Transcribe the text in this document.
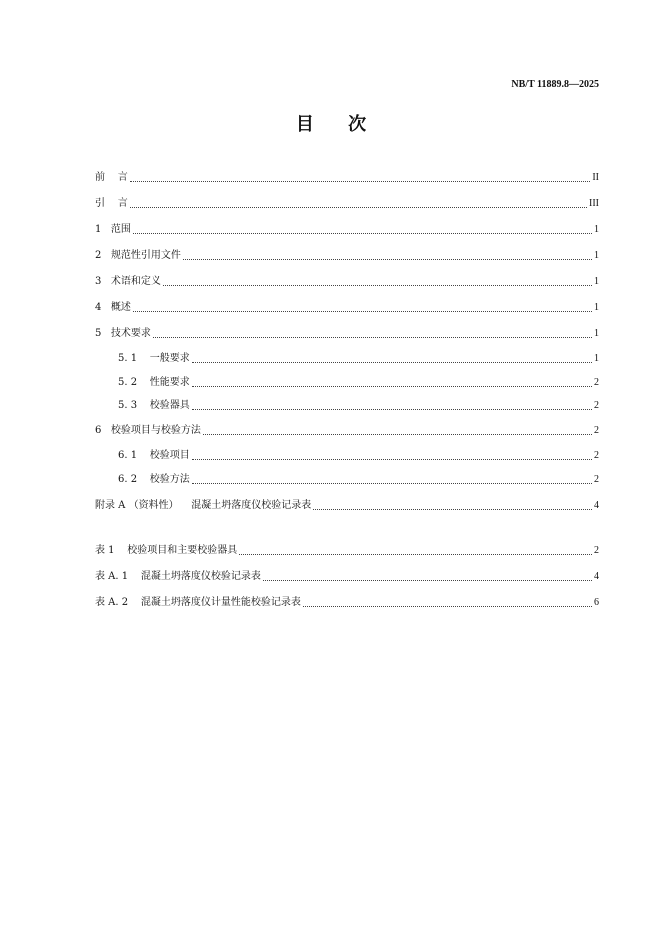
NB/T 11889.8—2025
目 次
前    言	II
引    言	III
1   范围	1
2   规范性引用文件	1
3   术语和定义	1
4   概述	1
5   技术要求	1
5. 1    一般要求	1
5. 2    性能要求	2
5. 3    校验器具	2
6   校验项目与校验方法	2
6. 1    校验项目	2
6. 2    校验方法	2
附录 A （资料性）    混凝土坍落度仪校验记录表	4
表 1    校验项目和主要校验器具	2
表 A. 1    混凝土坍落度仪校验记录表	4
表 A. 2    混凝土坍落度仪计量性能校验记录表	6
